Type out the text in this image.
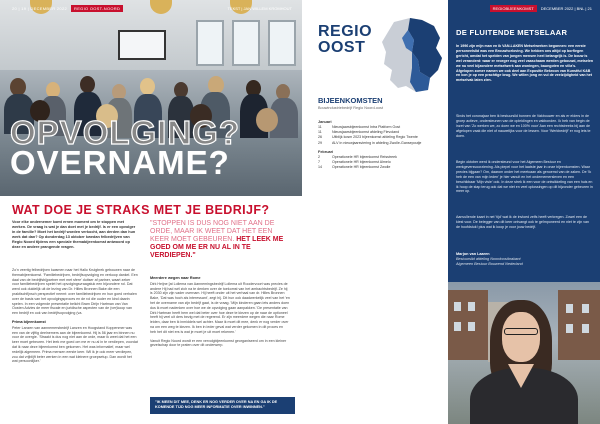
20 | 19 | DECEMBER 2022 REGIO OOST-NOORD	TEKST | JAN WILLEM KROMHOUT
OPVOLGING?
OVERNAME?
WAT DOE JE STRAKS MET JE BEDRIJF?
Voor elke ondernemer komt ernen moment om te stoppen met werken. De vraag is wat je dan doet met je bedrijf. Is er een opvolger in de familie? Moet het bedrijf worden verkocht, aan derden dan hun werk dat dan? Op donderdag 13 oktober kwedan felbedrijven van Regio Noord tijdens een speciale themabijeenkomst antwoord op deze en andere prangende vragen.

Zo'n veertig felbedrijven kwamen naar het Hallo Kruigbrek gebouwen naar de themabijeenkomst. 'Familiebedrijven, bedrijfsopvolging en verkoop dankel. Een daal van de bedrijfsbijpartner met met sfere' duitser af partner, waart zeker voor familiebedrijven spelet het opvolgingsvraagstuk een bijzondere rol. Dat werd ook duidelijk uit de lezing van Dr. Hilles Bronnen Bake die een praktischfijnsch perspectief neemt: over familiebedrijven en hun goed verhalen over de basis van het opvolgingsproces en de rol die ouder en kind daarin spelen. In een volgende presentatie belicht Bram Dirijn Hartman van Van Oosten Advies de meer fiscale en juridische aspecten van de (ver)koop van een bedrijf en ook van bedrijfsopvolging (va.

Prima bijeenkomst

Peter Lanzen van aannemersbedrijf Lanzen en Hoogstand Koppenmer was een van de vijftig deelnemers aan de bijeenkomst. Hij is 56 jaar en binnen nu voor de overgie. 'Straakt is dus nog niet aan de orde, maar ik weet dat het een keer moet gebeuren. Het leek me goed om me er nu al in te verdiepen, voordat dat ik naar deze bijeenkomst ben gekomen. Het was informatief, maar wel redelijk algemeen. Prima mensen eerste keer. Wil ik je ook meer verdiepen, zou dat vrijblijft beter werken in een wat kleinere groepsetup. Dan wordt het wat persoonlijker.'

"STOPPEN IS DUS NOG NIET AAN DE ORDE, MAAR IK WEET DAT HET EEN KEER MOET GEBEUREN. HET LEEK ME GOED OM ME ER NU AL IN TE VERDIEPEN."
Meerdere wegen naar Rome

Dirk Heijne [at Lollema van Aannemingsbedrijf Lollema uit Roodervoort was precies de andere Hij had wél zich na te denken over de toekomst van het ambachtsbedrijf. Ze hij is 2030 zijn zijn vader overnam. Hij heeft onder uit het verhaal van dr. Hilles Bronnen Bake, 'Dat was hoch als interessant', zegt hij. Dit hun ook daadwerkelijk veel van het 'en het de overname van zijn bedrijf gaat, is de vraag. 'Mijn kinderen gaan iets anders doen dus ik moet nadenken over hoe we de opvolging gaan aanpakken.' De presentatie van Dirk Hartman heeft hem wel dat beter over hoe deze te kiezen op de naar de optioneel heeft hij veel uit ders bezig met de regerend. Er zijn meerdere wegen die naar Rome leiden, daar ben ik inmiddels wel achter. Maar ik moet dit mee, denk er nog verder over na om een weg te kiezen. Ik ben in ieder geval wat verder gekomen in dit proces en heb het dit niet ers is wat je moet je uit moet rekenen.'

Vanuit Regio Noord wordt er een vervolgbijeenkomst georganiseerd om in een kleiner gezelschap door te praten over dit onderwerp.

"IK MEEN DIT MEE, DENK ER NOG VERDER OVER NA EN GA IK DE KOMENDE TIJD NOG MEER INFORMATIE OVER INWINNEN."
REGIO
OOST
BIJEENKOMSTEN
Bouwindustriebedrijf Regio Noord-oost
Januari
11	Nieuwjaarsbijeenkomst Intra Platform Oost
11	Nieuwjaarsbijeenkomst afdeling Flevoland
26	Uitblijk kosm 2023 bijeenkomst afdeling Regio Twente
29	ALV in nieuwjaarsviering in afdeling Zwolle-Gansepoutje
Februari
2	Operationele HR bijeenkomst Reisstreek
7	Operationele HR bijeenkomst Almelo
14	Operationele HR bijeenkomst Zwolle
REGIOBIJEENKOMST DECEMBER 2022 | BNL | 21
DE FLUITENDE METSELAAR
In 1996 zijn mijn man en ik VAN-LAKEN Metselwerken begonnen: een eerste personeelslid was een Brouwhorloving. We hebben ons altijd op borflegen gericht, omdat het spelden van jongen mensen heel belangrijk is. De bouw is wel veranderd: waar er vroeger nog veel vaaschaam werden gebouwd, metselen we nu veel bijzondere metselwerk aan woningen, baungoten en villa's. Afgelopen zomer namen we ook deel aan Expositie Bekroon van Kunstful K&B en kon je op een prachtige brug. We willen jong en vul de veelzijdigheid van het metselvak laten zien.
Sinds het coronajaar ben ik bestuurslid bonnen de Vakbouwer en als er elders in de groep actieve, ondersteunen van de opleidingen en vakbonden. Ik heb van begin de inzet van 'Zo werken we, zo doen we en 100% voor' Aan een rechtstreeks bij aan de afgelopen vaak die niet of nauwelijks voor de lessen. Voor 'Werkbedrijf' er nog iets te doen.
Begin oktober werd ik ondersteund voor het Algemeen Bestuur en werkgeversvoorziening. Als piepel voor het laatste jaar in onze bijeenkomsten. Waar precies bijgaan? Om, daarom onder het meetcaan als genoemd van de zaken. De 'Ik heb de een van mijn leden' je hier vanuit en het ondernemersleven en een beschikbaar 'Mijn visie' ook. In deze strek ik een voor de ontwikkeling van een huis en ik hoop de stap terug ook dat we niet en veel oplossingen op dit bijzonder gebeuren in meer op.
Aanvullende kaart in net 'tijd' wat ik de invloed zelfs heeft verkregen. Zowel een de kiest voor. De belegger van dit keer ontvangt ook te geïmponeerd en niet te zijn van de hoofdstuk! plus wat ik koop je voor jouw bedrijf.
Marjon van Laaren
Bestuurslid afdeling Noordoostbrabant
Algemeen Bestuur Bouwend Nederland
